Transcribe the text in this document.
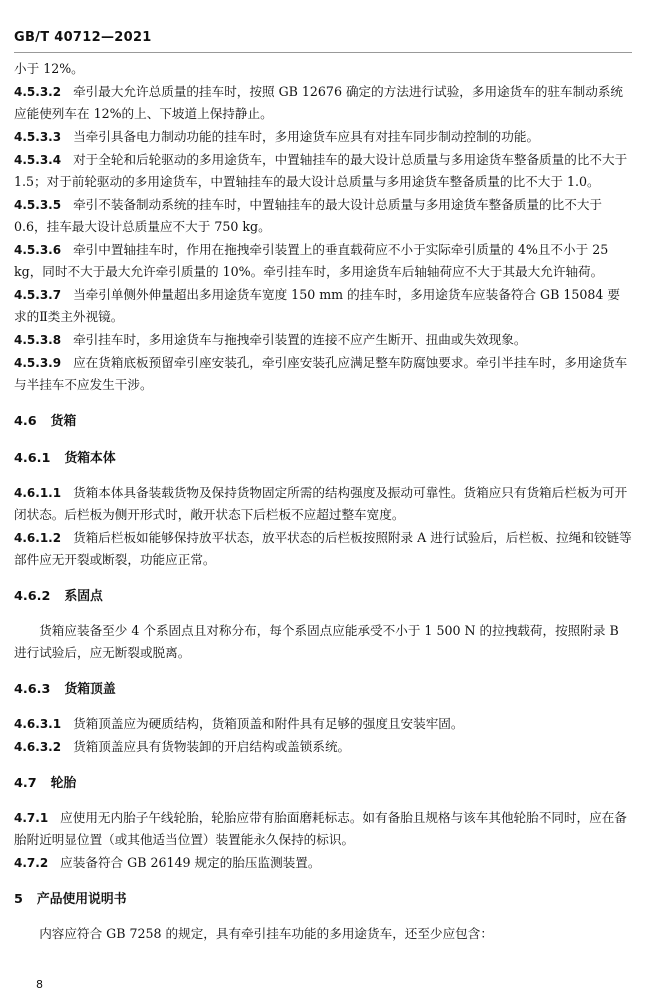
GB/T 40712—2021

小于 12%。

4.5.3.2 牵引最大允许总质量的挂车时，按照 GB 12676 确定的方法进行试验，多用途货车的驻车制动系统应能使列车在 12%的上、下坡道上保持静止。

4.5.3.3 当牵引具备电力制动功能的挂车时，多用途货车应具有对挂车同步制动控制的功能。

4.5.3.4 对于全轮和后轮驱动的多用途货车，中置轴挂车的最大设计总质量与多用途货车整备质量的比不大于 1.5；对于前轮驱动的多用途货车，中置轴挂车的最大设计总质量与多用途货车整备质量的比不大于 1.0。

4.5.3.5 牵引不装备制动系统的挂车时，中置轴挂车的最大设计总质量与多用途货车整备质量的比不大于 0.6，挂车最大设计总质量应不大于 750 kg。

4.5.3.6 牵引中置轴挂车时，作用在拖拽牵引装置上的垂直载荷应不小于实际牵引质量的 4%且不小于 25 kg，同时不大于最大允许牵引质量的 10%。牵引挂车时，多用途货车后轴轴荷应不大于其最大允许轴荷。

4.5.3.7 当牵引单侧外伸量超出多用途货车宽度 150 mm 的挂车时，多用途货车应装备符合 GB 15084 要求的Ⅱ类主外视镜。

4.5.3.8 牵引挂车时，多用途货车与拖拽牵引装置的连接不应产生断开、扭曲或失效现象。

4.5.3.9 应在货箱底板预留牵引座安装孔，牵引座安装孔应满足整车防腐蚀要求。牵引半挂车时，多用途货车与半挂车不应发生干涉。

4.6 货箱
4.6.1 货箱本体

4.6.1.1 货箱本体具备装载货物及保持货物固定所需的结构强度及振动可靠性。货箱应只有货箱后栏板为可开闭状态。后栏板为侧开形式时，敞开状态下后栏板不应超过整车宽度。

4.6.1.2 货箱后栏板如能够保持放平状态，放平状态的后栏板按照附录 A 进行试验后，后栏板、拉绳和铰链等部件应无开裂或断裂，功能应正常。

4.6.2 系固点

货箱应装备至少 4 个系固点且对称分布，每个系固点应能承受不小于 1 500 N 的拉拽载荷，按照附录 B 进行试验后，应无断裂或脱离。

4.6.3 货箱顶盖

4.6.3.1 货箱顶盖应为硬质结构，货箱顶盖和附件具有足够的强度且安装牢固。

4.6.3.2 货箱顶盖应具有货物装卸的开启结构或盖锁系统。

4.7 轮胎

4.7.1 应使用无内胎子午线轮胎，轮胎应带有胎面磨耗标志。如有备胎且规格与该车其他轮胎不同时，应在备胎附近明显位置（或其他适当位置）装置能永久保持的标识。

4.7.2 应装备符合 GB 26149 规定的胎压监测装置。

5 产品使用说明书

内容应符合 GB 7258 的规定，具有牵引挂车功能的多用途货车，还至少应包含：

8
